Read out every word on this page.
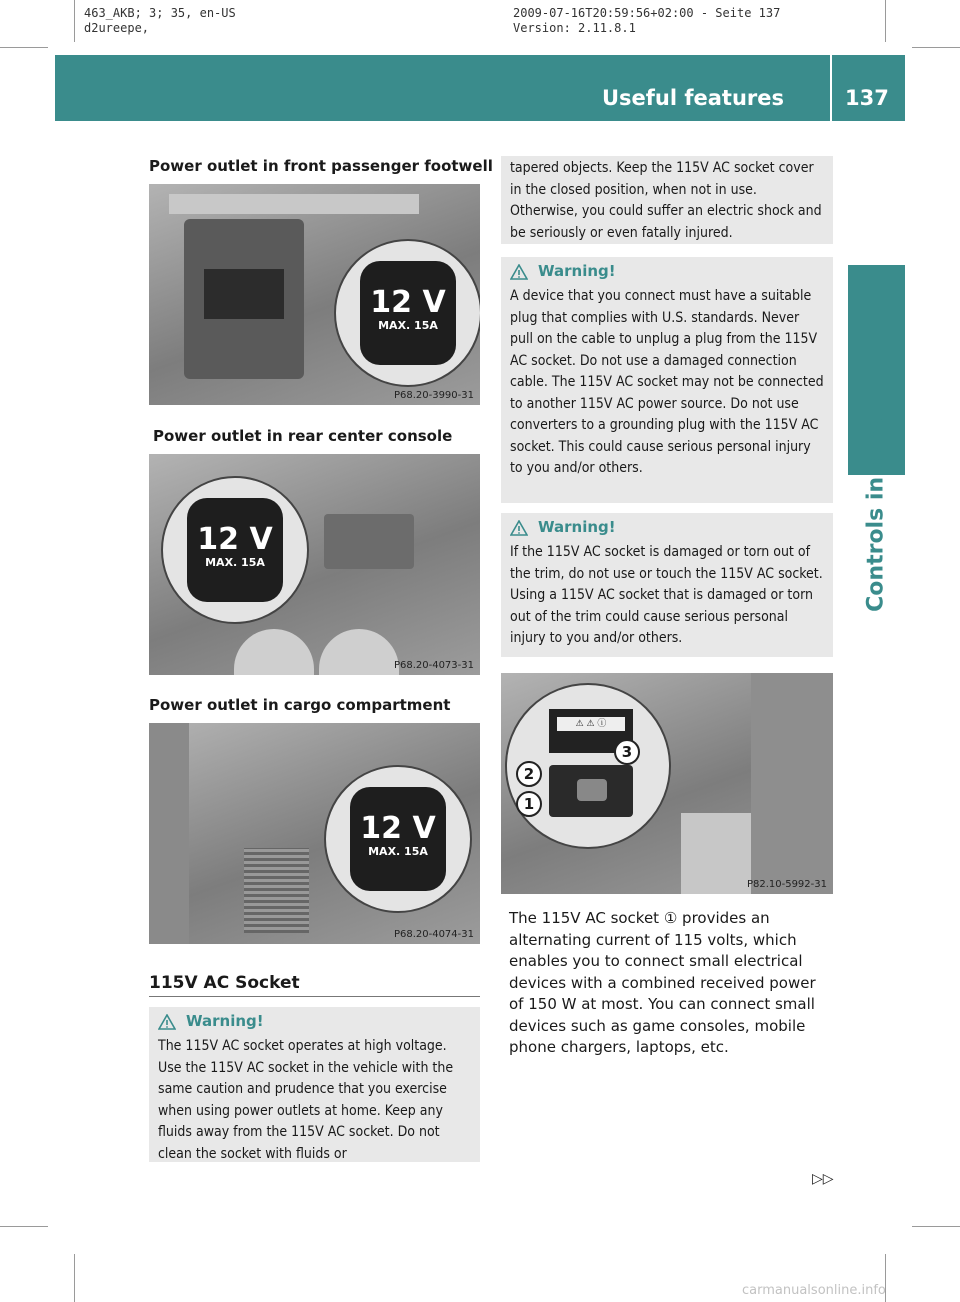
463_AKB; 3; 35, en-US
d2ureepe,
2009-07-16T20:59:56+02:00 - Seite 137
Version: 2.11.8.1
Useful features	137
Controls in detail
Power outlet in front passenger footwell
12 V
MAX. 15A
P68.20-3990-31
Power outlet in rear center console
12 V
MAX. 15A
P68.20-4073-31
Power outlet in cargo compartment
12 V
MAX. 15A
P68.20-4074-31
115V AC Socket
Warning!

The 115V AC socket operates at high voltage. Use the 115V AC socket in the vehicle with the same caution and prudence that you exercise when using power outlets at home. Keep any fluids away from the 115V AC socket. Do not clean the socket with fluids or

tapered objects. Keep the 115V AC socket cover in the closed position, when not in use. Otherwise, you could suffer an electric shock and be seriously or even fatally injured.

Warning!

A device that you connect must have a suitable plug that complies with U.S. standards. Never pull on the cable to unplug a plug from the 115V AC socket. Do not use a damaged connection cable. The 115V AC socket may not be connected to another 115V AC power source. Do not use converters to a grounding plug with the 115V AC socket. This could cause serious personal injury to you and/or others.

Warning!

If the 115V AC socket is damaged or torn out of the trim, do not use or touch the 115V AC socket. Using a 115V AC socket that is damaged or torn out of the trim could cause serious personal injury to you and/or others.

⚠ ⚠ ⓘ
1
2
3
P82.10-5992-31

The 115V AC socket ① provides an alternating current of 115 volts, which enables you to connect small electrical devices with a combined received power of 150 W at most. You can connect small devices such as game consoles, mobile phone chargers, laptops, etc.

▷▷
carmanualsonline.info
